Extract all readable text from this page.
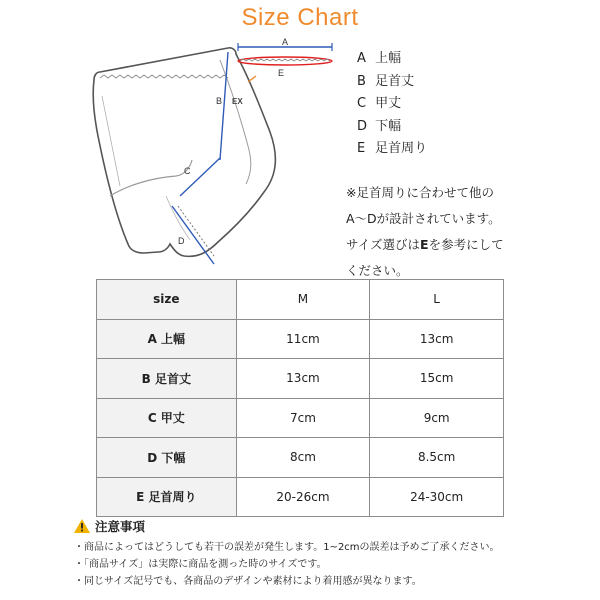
Size Chart
A
E
B EX
C
D
A 上幅
B 足首丈
C 甲丈
D 下幅
E 足首周り
※足首周りに合わせて他の
A〜Dが設計されています。
サイズ選びはEを参考にして
ください。
size	M	L
A 上幅	11cm	13cm
B 足首丈	13cm	15cm
C 甲丈	7cm	9cm
D 下幅	8cm	8.5cm
E 足首周り	20-26cm	24-30cm
注意事項
・商品によってはどうしても若干の誤差が発生します。1~2cmの誤差は予めご了承ください。
・「商品サイズ」は実際に商品を測った時のサイズです。
・同じサイズ記号でも、各商品のデザインや素材により着用感が異なります。
